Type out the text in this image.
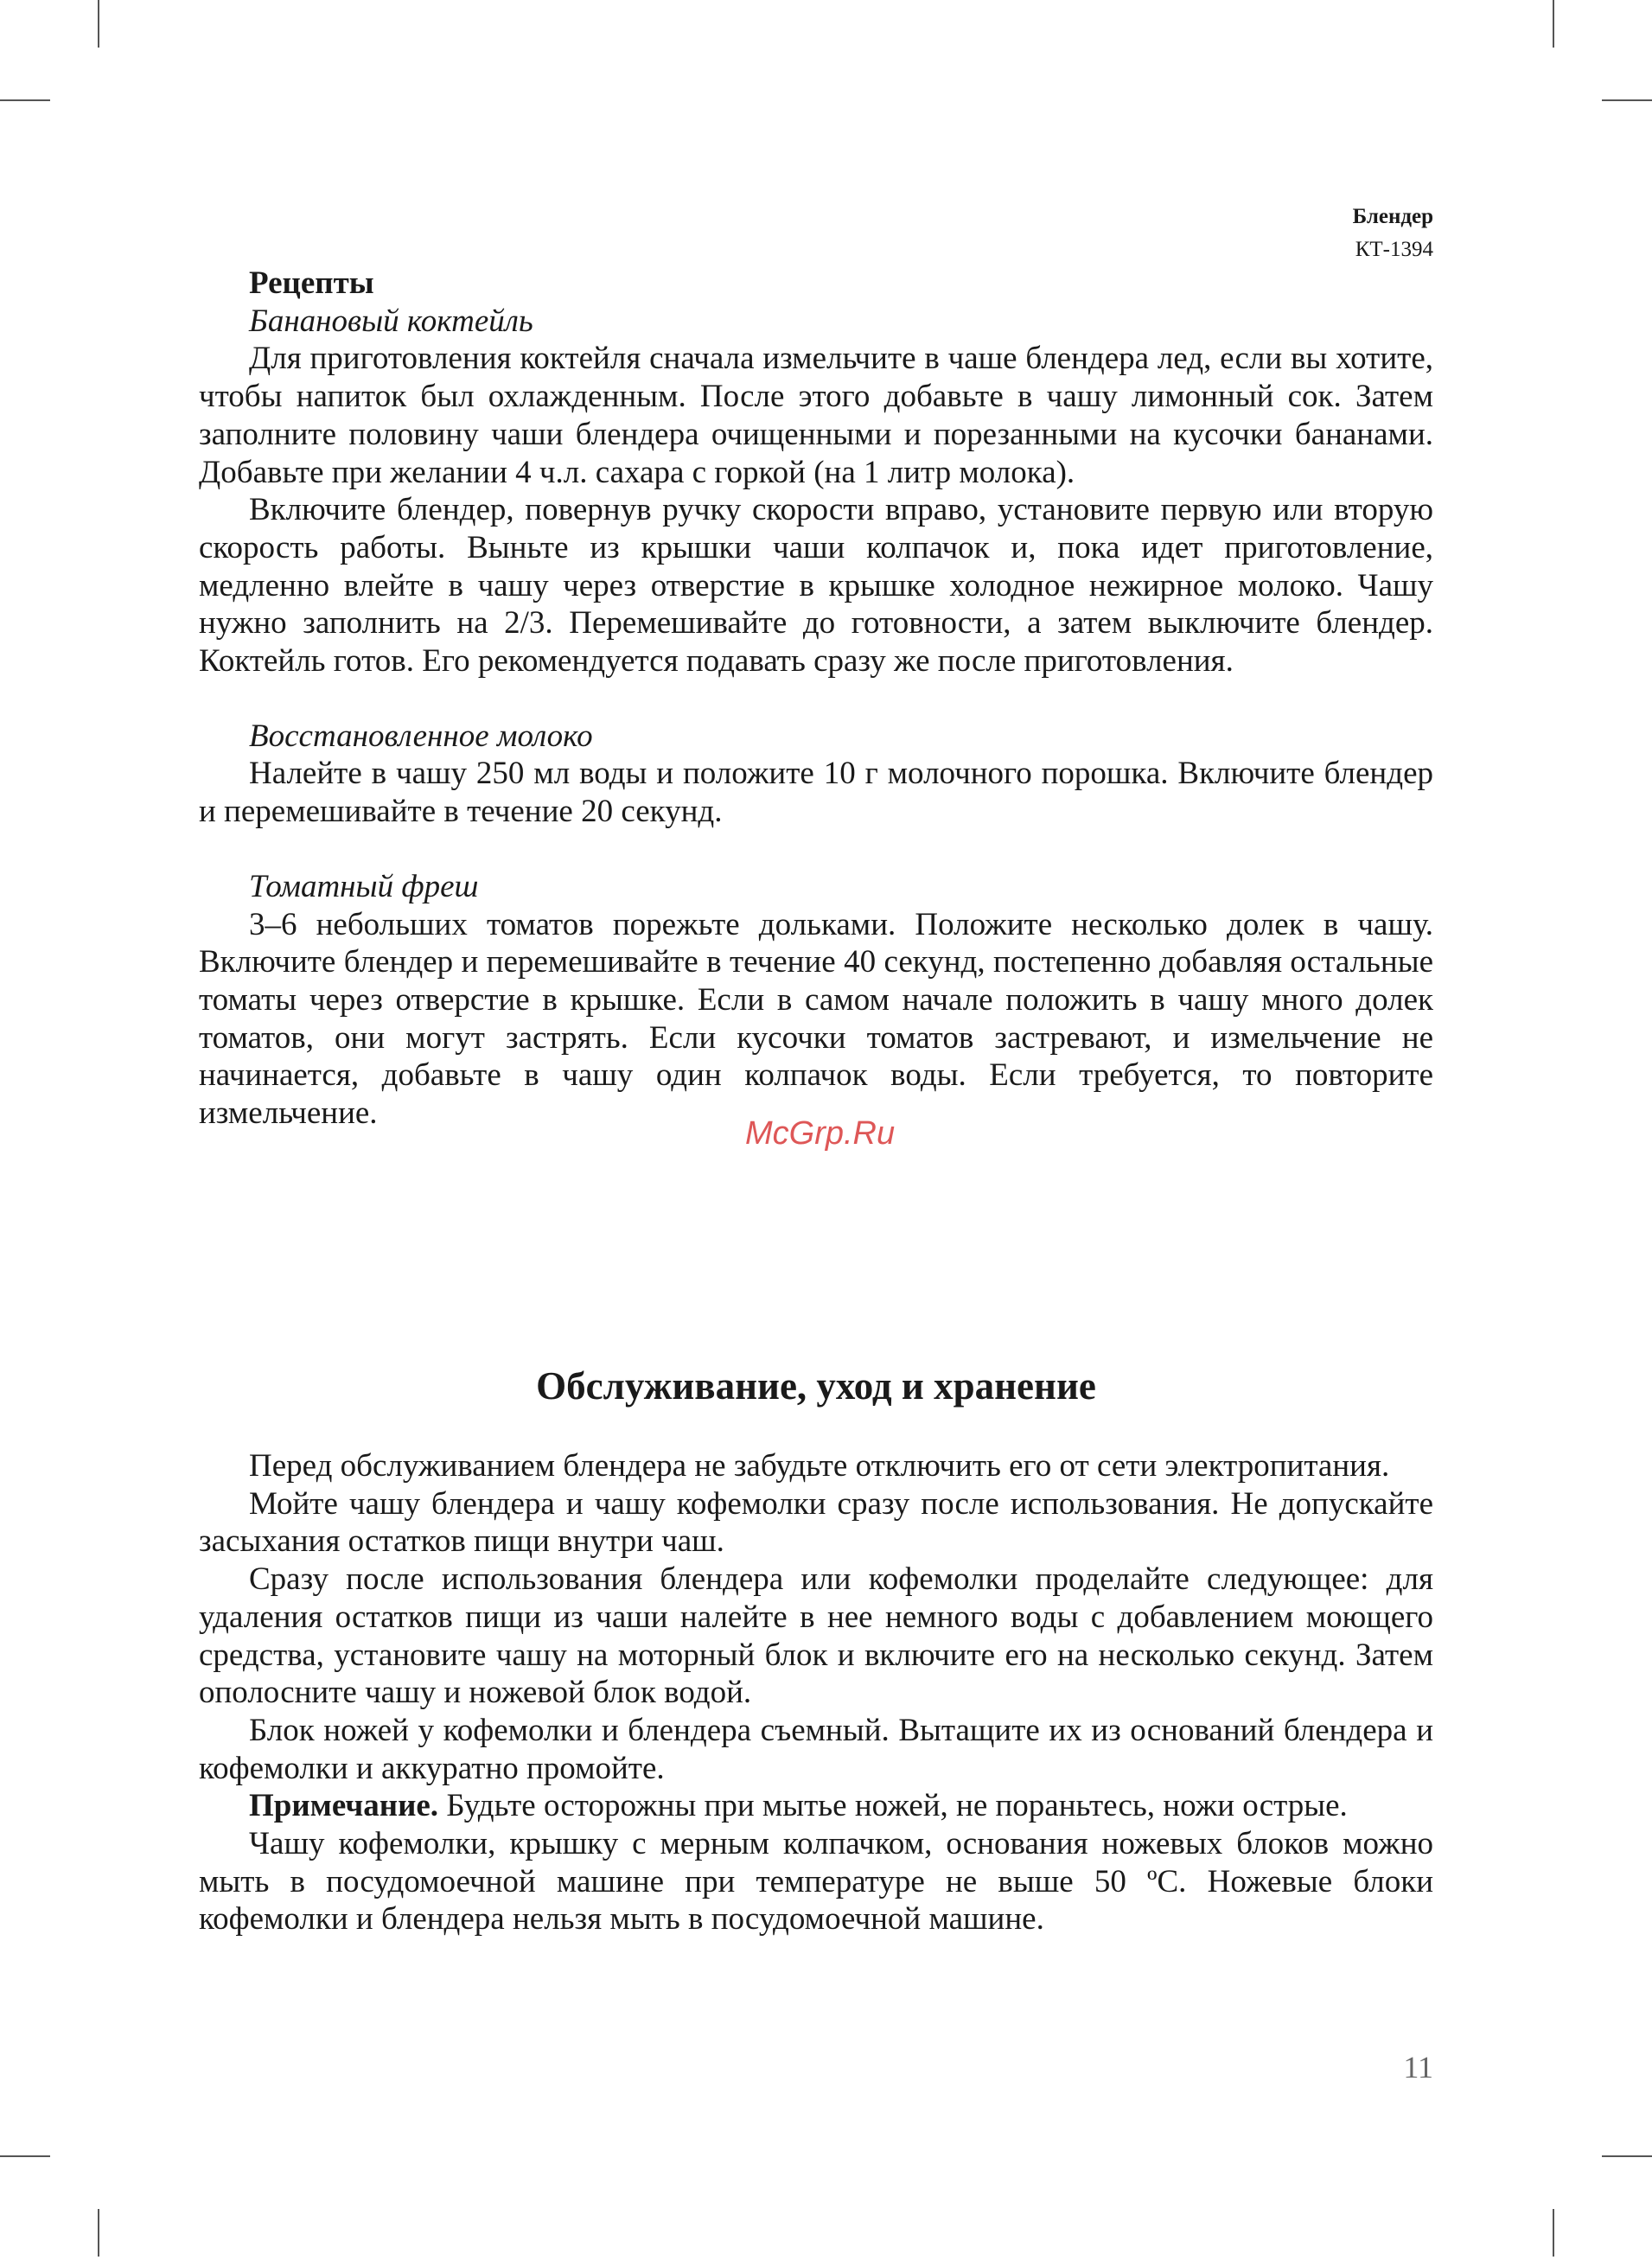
Блендер
КТ-1394

Рецепты

Банановый коктейль

Для приготовления коктейля сначала измельчите в чаше блендера лед, если вы хотите, чтобы напиток был охлажденным. После этого добавьте в чашу лимонный сок. Затем заполните половину чаши блендера очищенными и порезанными на кусочки бананами. Добавьте при желании 4 ч.л. сахара с горкой (на 1 литр молока).

Включите блендер, повернув ручку скорости вправо, установите первую или вторую скорость работы. Выньте из крышки чаши колпачок и, пока идет приготовление, медленно влейте в чашу через отверстие в крышке холодное нежирное молоко. Чашу нужно заполнить на 2/3. Перемешивайте до готовности, а затем выключите блендер. Коктейль готов. Его рекомендуется подавать сразу же после приготовления.

Восстановленное молоко

Налейте в чашу 250 мл воды и положите 10 г молочного порошка. Включите блендер и перемешивайте в течение 20 секунд.

Томатный фреш

3–6 небольших томатов порежьте дольками. Положите несколько долек в чашу. Включите блендер и перемешивайте в течение 40 секунд, постепенно добавляя остальные томаты через отверстие в крышке. Если в самом начале положить в чашу много долек томатов, они могут застрять. Если кусочки томатов застревают, и измельчение не начинается, добавьте в чашу один колпачок воды. Если требуется, то повторите измельчение.

McGrp.Ru
Обслуживание, уход и хранение

Перед обслуживанием блендера не забудьте отключить его от сети электропитания.

Мойте чашу блендера и чашу кофемолки сразу после использования. Не допускайте засыхания остатков пищи внутри чаш.

Сразу после использования блендера или кофемолки проделайте следующее: для удаления остатков пищи из чаши налейте в нее немного воды с добавлением моющего средства, установите чашу на моторный блок и включите его на несколько секунд. Затем ополосните чашу и ножевой блок водой.

Блок ножей у кофемолки и блендера съемный. Вытащите их из оснований блендера и кофемолки и аккуратно промойте.

Примечание. Будьте осторожны при мытье ножей, не пораньтесь, ножи острые.

Чашу кофемолки, крышку с мерным колпачком, основания ножевых блоков можно мыть в посудомоечной машине при температуре не выше 50 ºС. Ножевые блоки кофемолки и блендера нельзя мыть в посудомоечной машине.

11
